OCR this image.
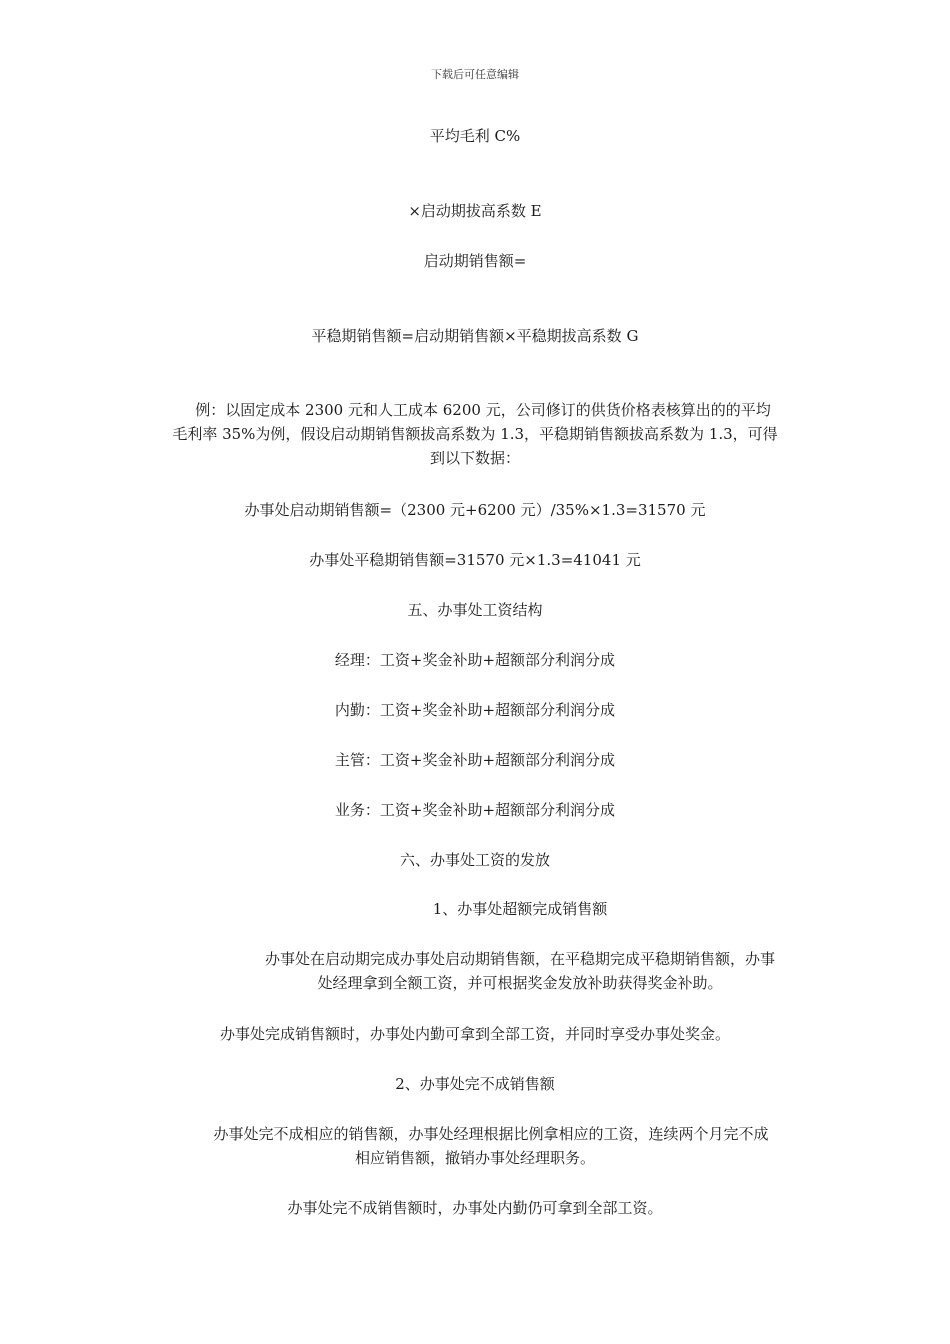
下载后可任意编辑
平均毛利 C%
×启动期拔高系数 E
启动期销售额=
平稳期销售额=启动期销售额×平稳期拔高系数 G
例：以固定成本 2300 元和人工成本 6200 元，公司修订的供货价格表核算出的的平均
毛利率 35%为例，假设启动期销售额拔高系数为 1.3，平稳期销售额拔高系数为 1.3，可得
到以下数据：
办事处启动期销售额=（2300 元+6200 元）/35%×1.3=31570 元
办事处平稳期销售额=31570 元×1.3=41041 元
五、办事处工资结构
经理：工资+奖金补助+超额部分利润分成
内勤：工资+奖金补助+超额部分利润分成
主管：工资+奖金补助+超额部分利润分成
业务：工资+奖金补助+超额部分利润分成
六、办事处工资的发放
1、办事处超额完成销售额
办事处在启动期完成办事处启动期销售额，在平稳期完成平稳期销售额，办事
处经理拿到全额工资，并可根据奖金发放补助获得奖金补助。
办事处完成销售额时，办事处内勤可拿到全部工资，并同时享受办事处奖金。
2、办事处完不成销售额
办事处完不成相应的销售额，办事处经理根据比例拿相应的工资，连续两个月完不成
相应销售额，撤销办事处经理职务。
办事处完不成销售额时，办事处内勤仍可拿到全部工资。
